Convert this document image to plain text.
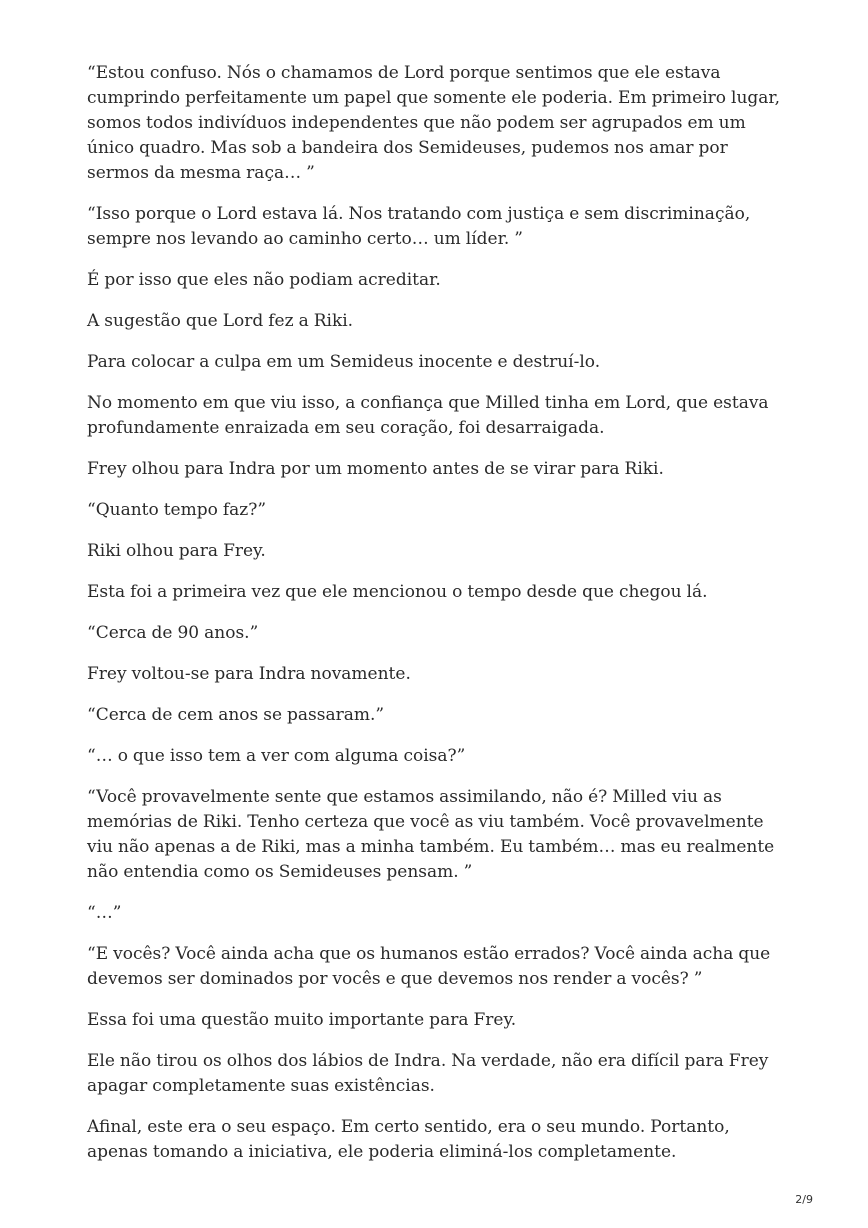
“Estou confuso. Nós o chamamos de Lord porque sentimos que ele estava cumprindo perfeitamente um papel que somente ele poderia. Em primeiro lugar, somos todos indivíduos independentes que não podem ser agrupados em um único quadro. Mas sob a bandeira dos Semideuses, pudemos nos amar por sermos da mesma raça… ”

“Isso porque o Lord estava lá. Nos tratando com justiça e sem discriminação, sempre nos levando ao caminho certo… um líder. ”

É por isso que eles não podiam acreditar.

A sugestão que Lord fez a Riki.

Para colocar a culpa em um Semideus inocente e destruí-lo.

No momento em que viu isso, a confiança que Milled tinha em Lord, que estava profundamente enraizada em seu coração, foi desarraigada.

Frey olhou para Indra por um momento antes de se virar para Riki.

“Quanto tempo faz?”

Riki olhou para Frey.

Esta foi a primeira vez que ele mencionou o tempo desde que chegou lá.

“Cerca de 90 anos.”

Frey voltou-se para Indra novamente.

“Cerca de cem anos se passaram.”

“… o que isso tem a ver com alguma coisa?”

“Você provavelmente sente que estamos assimilando, não é? Milled viu as memórias de Riki. Tenho certeza que você as viu também. Você provavelmente viu não apenas a de Riki, mas a minha também. Eu também… mas eu realmente não entendia como os Semideuses pensam. ”

“…”

“E vocês? Você ainda acha que os humanos estão errados? Você ainda acha que devemos ser dominados por vocês e que devemos nos render a vocês? ”

Essa foi uma questão muito importante para Frey.

Ele não tirou os olhos dos lábios de Indra. Na verdade, não era difícil para Frey apagar completamente suas existências.

Afinal, este era o seu espaço. Em certo sentido, era o seu mundo. Portanto, apenas tomando a iniciativa, ele poderia eliminá-los completamente.

2/9
